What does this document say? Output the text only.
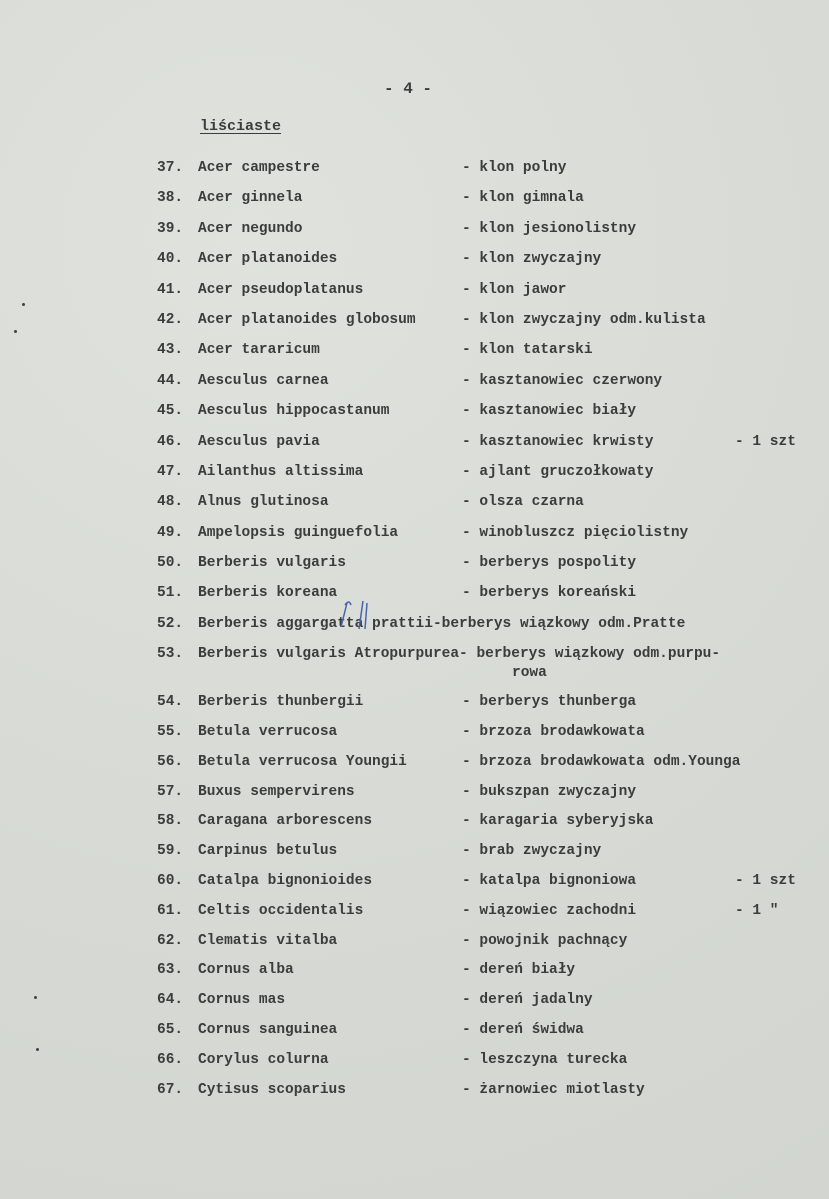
- 4 -
liściaste
37. Acer campestre	- klon polny
38. Acer ginnela	- klon gimnala
39. Acer negundo	- klon jesionolistny
40. Acer platanoides	- klon zwyczajny
41. Acer pseudoplatanus	- klon jawor
42. Acer platanoides globosum	- klon zwyczajny odm.kulista
43. Acer tararicum	- klon tatarski
44. Aesculus carnea	- kasztanowiec czerwony
45. Aesculus hippocastanum	- kasztanowiec biały
46. Aesculus pavia	- kasztanowiec krwisty	- 1 szt
47. Ailanthus altissima	- ajlant gruczołkowaty
48. Alnus glutinosa	- olsza czarna
49. Ampelopsis guinguefolia	- winobluszcz pięciolistny
50. Berberis vulgaris	- berberys pospolity
51. Berberis koreana	- berberys koreański
52. Berberis aggargatta prattii-berberys wiązkowy odm.Pratte
53. Berberis vulgaris Atropurpurea- berberys wiązkowy odm.purpu-
rowa
54. Berberis thunbergii	- berberys thunberga
55. Betula verrucosa	- brzoza brodawkowata
56. Betula verrucosa Youngii	- brzoza brodawkowata odm.Younga
57. Buxus sempervirens	- bukszpan zwyczajny
58. Caragana arborescens	- karagaria syberyjska
59. Carpinus betulus	- brab zwyczajny
60. Catalpa bignonioides	- katalpa bignoniowa	- 1 szt
61. Celtis occidentalis	- wiązowiec zachodni	- 1 "
62. Clematis vitalba	- powojnik pachnący
63. Cornus alba	- dereń biały
64. Cornus mas	- dereń jadalny
65. Cornus sanguinea	- dereń świdwa
66. Corylus colurna	- leszczyna turecka
67. Cytisus scoparius	- żarnowiec miotlasty
